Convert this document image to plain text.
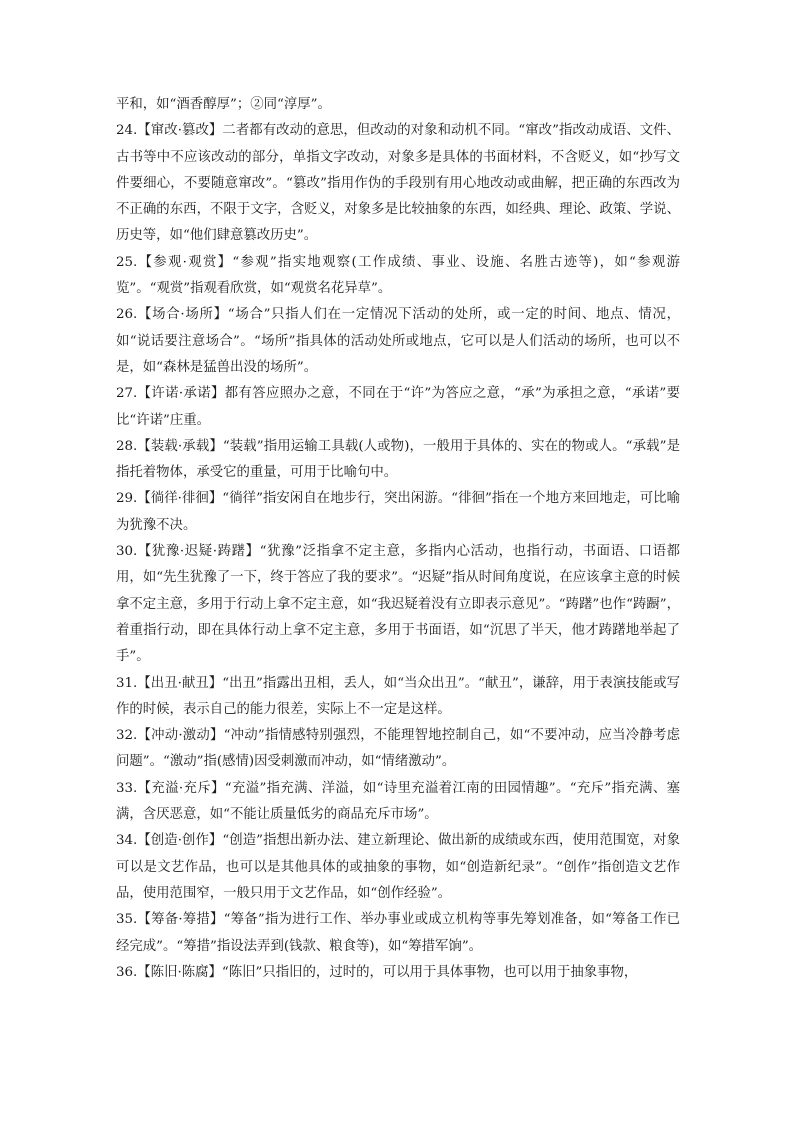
平和，如“酒香醇厚”；②同“淳厚”。

24.【窜改·篡改】二者都有改动的意思，但改动的对象和动机不同。“窜改”指改动成语、文件、古书等中不应该改动的部分，单指文字改动，对象多是具体的书面材料，不含贬义，如“抄写文件要细心，不要随意窜改”。“篡改”指用作伪的手段别有用心地改动或曲解，把正确的东西改为不正确的东西，不限于文字，含贬义，对象多是比较抽象的东西，如经典、理论、政策、学说、历史等，如“他们肆意篡改历史”。

25.【参观·观赏】“参观”指实地观察(工作成绩、事业、设施、名胜古迹等)，如“参观游览”。“观赏”指观看欣赏，如“观赏名花异草”。

26.【场合·场所】“场合”只指人们在一定情况下活动的处所，或一定的时间、地点、情况，如“说话要注意场合”。“场所”指具体的活动处所或地点，它可以是人们活动的场所，也可以不是，如“森林是猛兽出没的场所”。

27.【许诺·承诺】都有答应照办之意，不同在于“许”为答应之意，“承”为承担之意，“承诺”要比“许诺”庄重。

28.【装载·承载】“装载”指用运输工具载(人或物)，一般用于具体的、实在的物或人。“承载”是指托着物体，承受它的重量，可用于比喻句中。

29.【徜徉·徘徊】“徜徉”指安闲自在地步行，突出闲游。“徘徊”指在一个地方来回地走，可比喻为犹豫不决。

30.【犹豫·迟疑·踌躇】“犹豫”泛指拿不定主意，多指内心活动，也指行动，书面语、口语都用，如“先生犹豫了一下，终于答应了我的要求”。“迟疑”指从时间角度说，在应该拿主意的时候拿不定主意，多用于行动上拿不定主意，如“我迟疑着没有立即表示意见”。“踌躇”也作“踌蹰”，着重指行动，即在具体行动上拿不定主意，多用于书面语，如“沉思了半天，他才踌躇地举起了手”。

31.【出丑·献丑】“出丑”指露出丑相，丢人，如“当众出丑”。“献丑”，谦辞，用于表演技能或写作的时候，表示自己的能力很差，实际上不一定是这样。

32.【冲动·激动】“冲动”指情感特别强烈，不能理智地控制自己，如“不要冲动，应当冷静考虑问题”。“激动”指(感情)因受刺激而冲动，如“情绪激动”。

33.【充溢·充斥】“充溢”指充满、洋溢，如“诗里充溢着江南的田园情趣”。“充斥”指充满、塞满，含厌恶意，如“不能让质量低劣的商品充斥市场”。

34.【创造·创作】“创造”指想出新办法、建立新理论、做出新的成绩或东西，使用范围宽，对象可以是文艺作品，也可以是其他具体的或抽象的事物，如“创造新纪录”。“创作”指创造文艺作品，使用范围窄，一般只用于文艺作品，如“创作经验”。

35.【筹备·筹措】“筹备”指为进行工作、举办事业或成立机构等事先筹划准备，如“筹备工作已经完成”。“筹措”指设法弄到(钱款、粮食等)，如“筹措军饷”。

36.【陈旧·陈腐】“陈旧”只指旧的，过时的，可以用于具体事物，也可以用于抽象事物，
